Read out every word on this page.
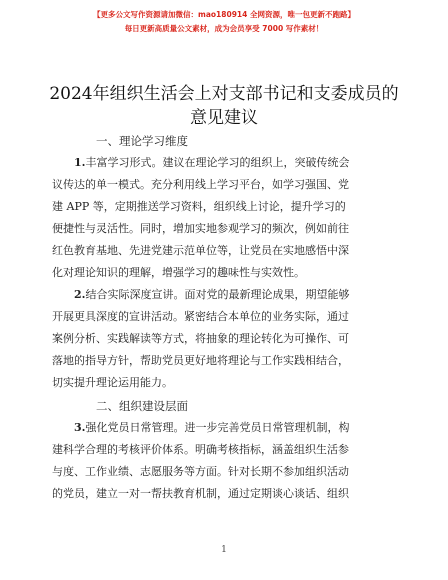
【更多公文写作资源请加微信：mao180914 全网资源，唯一包更新不跑路】
每日更新高质量公文素材，成为会员享受 7000 写作素材！
2024年组织生活会上对支部书记和支委成员的
意见建议
一、理论学习维度
1.丰富学习形式。建议在理论学习的组织上，突破传统会
议传达的单一模式。充分利用线上学习平台，如学习强国、党
建 APP 等，定期推送学习资料，组织线上讨论，提升学习的
便捷性与灵活性。同时，增加实地参观学习的频次，例如前往
红色教育基地、先进党建示范单位等，让党员在实地感悟中深
化对理论知识的理解，增强学习的趣味性与实效性。
2.结合实际深度宣讲。面对党的最新理论成果，期望能够
开展更具深度的宣讲活动。紧密结合本单位的业务实际，通过
案例分析、实践解读等方式，将抽象的理论转化为可操作、可
落地的指导方针，帮助党员更好地将理论与工作实践相结合，
切实提升理论运用能力。
二、组织建设层面
3.强化党员日常管理。进一步完善党员日常管理机制，构
建科学合理的考核评价体系。明确考核指标，涵盖组织生活参
与度、工作业绩、志愿服务等方面。针对长期不参加组织活动
的党员，建立一对一帮扶教育机制，通过定期谈心谈话、组织
1
